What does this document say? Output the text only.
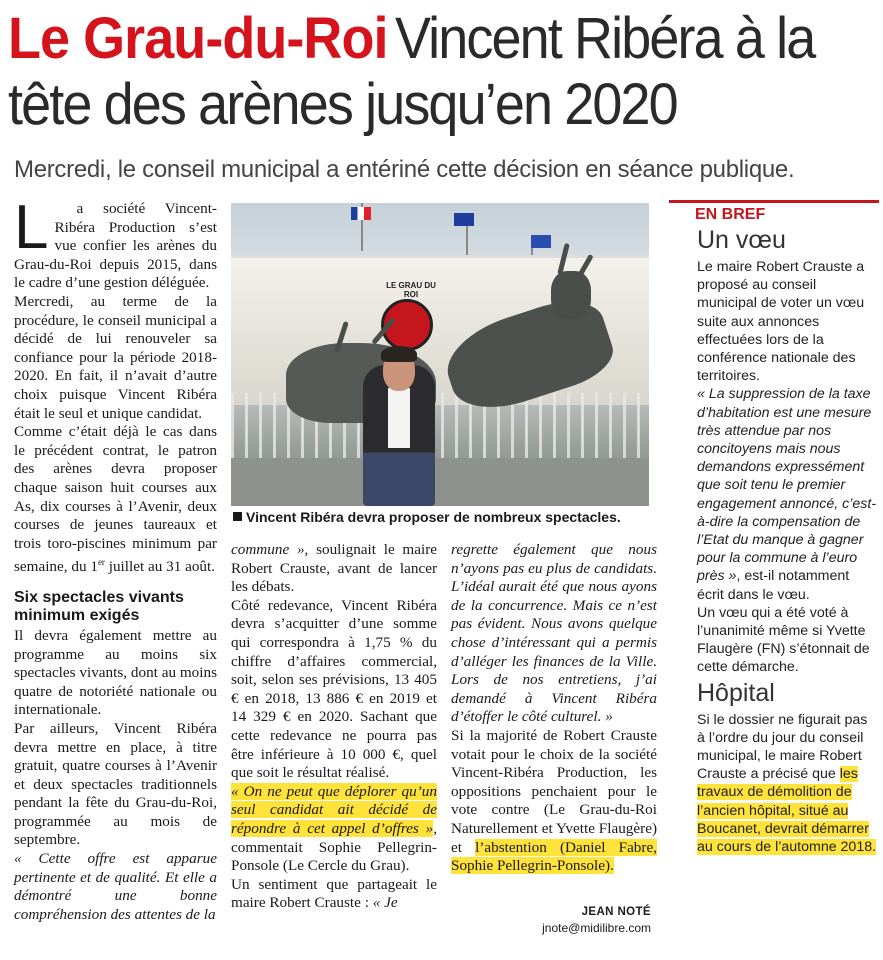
Le Grau-du-Roi Vincent Ribéra à la tête des arènes jusqu’en 2020
Mercredi, le conseil municipal a entériné cette décision en séance publique.
L	a société Vincent-Ribéra Production s’est vue confier les arènes du Grau-du-Roi depuis 2015, dans le cadre d’une gestion déléguée.

Mercredi, au terme de la procédure, le conseil municipal a décidé de lui renouveler sa confiance pour la période 2018-2020. En fait, il n’avait d’autre choix puisque Vincent Ribéra était le seul et unique candidat.

Comme c’était déjà le cas dans le précédent contrat, le patron des arènes devra proposer chaque saison huit courses aux As, dix courses à l’Avenir, deux courses de jeunes taureaux et trois toro-piscines minimum par semaine, du 1er juillet au 31 août.

Six spectacles vivants minimum exigés

Il devra également mettre au programme au moins six spectacles vivants, dont au moins quatre de notoriété nationale ou internationale.

Par ailleurs, Vincent Ribéra devra mettre en place, à titre gratuit, quatre courses à l’Avenir et deux spectacles traditionnels pendant la fête du Grau-du-Roi, programmée au mois de septembre.

« Cette offre est apparue pertinente et de qualité. Et elle a démontré une bonne compréhension des attentes de la

LE GRAU DU ROI
Vincent Ribéra devra proposer de nombreux spectacles.

commune », soulignait le maire Robert Crauste, avant de lancer les débats.

Côté redevance, Vincent Ribéra devra s’acquitter d’une somme qui correspondra à 1,75 % du chiffre d’affaires commercial, soit, selon ses prévisions, 13 405 € en 2018, 13 886 € en 2019 et 14 329 € en 2020. Sachant que cette redevance ne pourra pas être inférieure à 10 000 €, quel que soit le résultat réalisé.

« On ne peut que déplorer qu’un seul candidat ait décidé de répondre à cet appel d’offres », commentait Sophie Pellegrin-Ponsole (Le Cercle du Grau).

Un sentiment que partageait le maire Robert Crauste : « Je

regrette également que nous n’ayons pas eu plus de candidats. L’idéal aurait été que nous ayons de la concurrence. Mais ce n’est pas évident. Nous avons quelque chose d’intéressant qui a permis d’alléger les finances de la Ville. Lors de nos entretiens, j’ai demandé à Vincent Ribéra d’étoffer le côté culturel. »

Si la majorité de Robert Crauste votait pour le choix de la société Vincent-Ribéra Production, les oppositions penchaient pour le vote contre (Le Grau-du-Roi Naturellement et Yvette Flaugère) et l’abstention (Daniel Fabre, Sophie Pellegrin-Ponsole).

JEAN NOTÉ
jnote@midilibre.com
EN BREF
Un vœu

Le maire Robert Crauste a proposé au conseil municipal de voter un vœu suite aux annonces effectuées lors de la conférence nationale des territoires.

« La suppression de la taxe d’habitation est une mesure très attendue par nos concitoyens mais nous demandons expressément que soit tenu le premier engagement annoncé, c’est-à-dire la compensation de l’Etat du manque à gagner pour la commune à l’euro près », est-il notamment écrit dans le vœu.

Un vœu qui a été voté à l’unanimité même si Yvette Flaugère (FN) s’étonnait de cette démarche.

Hôpital

Si le dossier ne figurait pas à l’ordre du jour du conseil municipal, le maire Robert Crauste a précisé que les travaux de démolition de l’ancien hôpital, situé au Boucanet, devrait démarrer au cours de l’automne 2018.
